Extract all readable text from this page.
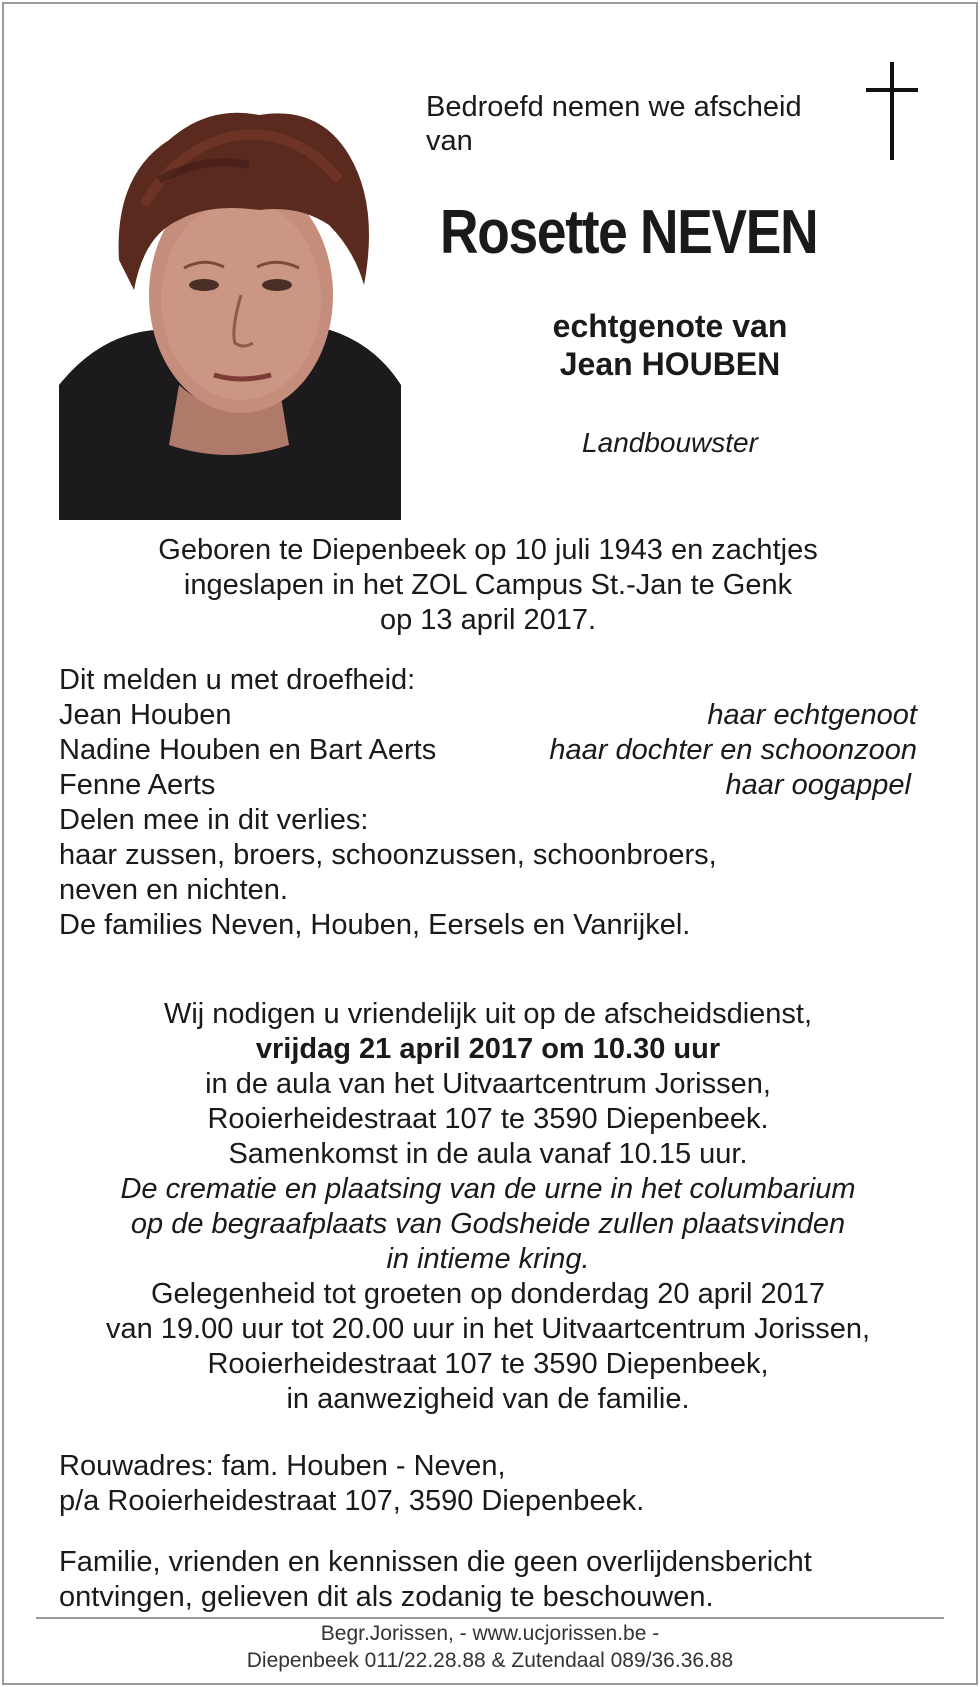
Bedroefd nemen we afscheid
van
Rosette NEVEN
echtgenote van
Jean HOUBEN
Landbouwster
Geboren te Diepenbeek op 10 juli 1943 en zachtjes
ingeslapen in het ZOL Campus St.-Jan te Genk
op 13 april 2017.
Dit melden u met droefheid:
Jean Houben	haar echtgenoot
Nadine Houben en Bart Aerts	haar dochter en schoonzoon
Fenne Aerts	haar oogappel
Delen mee in dit verlies:
haar zussen, broers, schoonzussen, schoonbroers,
neven en nichten.
De families Neven, Houben, Eersels en Vanrijkel.
Wij nodigen u vriendelijk uit op de afscheidsdienst,
vrijdag 21 april 2017 om 10.30 uur
in de aula van het Uitvaartcentrum Jorissen,
Rooierheidestraat 107 te 3590 Diepenbeek.
Samenkomst in de aula vanaf 10.15 uur.
De crematie en plaatsing van de urne in het columbarium
op de begraafplaats van Godsheide zullen plaatsvinden
in intieme kring.
Gelegenheid tot groeten op donderdag 20 april 2017
van 19.00 uur tot 20.00 uur in het Uitvaartcentrum Jorissen,
Rooierheidestraat 107 te 3590 Diepenbeek,
in aanwezigheid van de familie.
Rouwadres: fam. Houben - Neven,
p/a Rooierheidestraat 107, 3590 Diepenbeek.
Familie, vrienden en kennissen die geen overlijdensbericht
ontvingen, gelieven dit als zodanig te beschouwen.
Begr.Jorissen, - www.ucjorissen.be -
Diepenbeek 011/22.28.88 & Zutendaal 089/36.36.88
